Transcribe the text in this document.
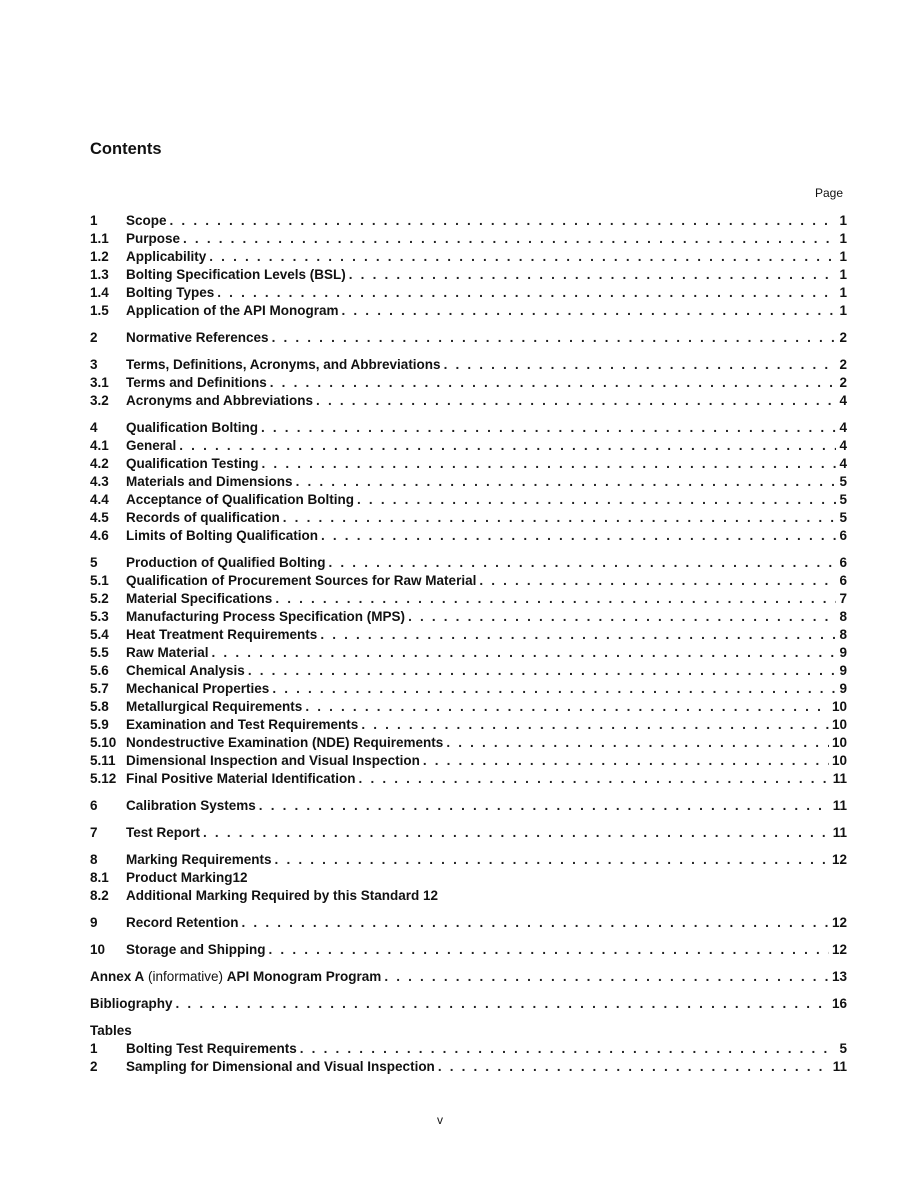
Contents
Page
1	Scope . . .	1
1.1	Purpose . . .	1
1.2	Applicability . . .	1
1.3	Bolting Specification Levels (BSL) . . .	1
1.4	Bolting Types . . .	1
1.5	Application of the API Monogram . . .	1
2	Normative References . . .	2
3	Terms, Definitions, Acronyms, and Abbreviations . . .	2
3.1	Terms and Definitions . . .	2
3.2	Acronyms and Abbreviations . . .	4
4	Qualification Bolting . . .	4
4.1	General . . .	4
4.2	Qualification Testing . . .	4
4.3	Materials and Dimensions . . .	5
4.4	Acceptance of Qualification Bolting . . .	5
4.5	Records of qualification . . .	5
4.6	Limits of Bolting Qualification . . .	6
5	Production of Qualified Bolting . . .	6
5.1	Qualification of Procurement Sources for Raw Material . . .	6
5.2	Material Specifications . . .	7
5.3	Manufacturing Process Specification (MPS) . . .	8
5.4	Heat Treatment Requirements . . .	8
5.5	Raw Material . . .	9
5.6	Chemical Analysis . . .	9
5.7	Mechanical Properties . . .	9
5.8	Metallurgical Requirements . . .	10
5.9	Examination and Test Requirements . . .	10
5.10 Nondestructive Examination (NDE) Requirements . . .	10
5.11 Dimensional Inspection and Visual Inspection . . .	10
5.12 Final Positive Material Identification . . .	11
6	Calibration Systems . . .	11
7	Test Report . . .	11
8	Marking Requirements . . .	12
8.1	Product Marking12
8.2	Additional Marking Required by this Standard 12
9	Record Retention . . .	12
10	Storage and Shipping . . .	12
Annex A (informative) API Monogram Program . . .	13
Bibliography . . .	16
Tables
1	Bolting Test Requirements . . .	5
2	Sampling for Dimensional and Visual Inspection . . .	11
v
